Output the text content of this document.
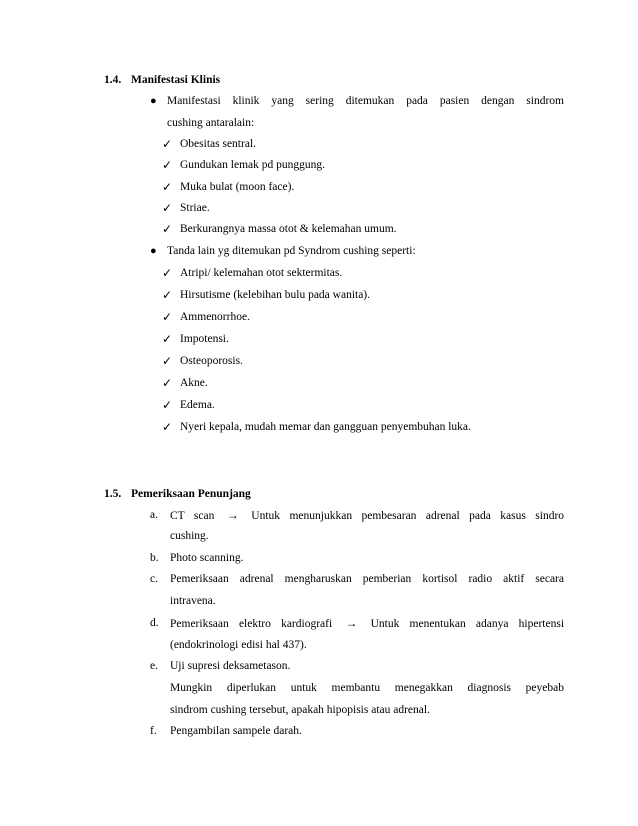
1.4. Manifestasi Klinis
● Manifestasi klinik yang sering ditemukan pada pasien dengan sindrom
cushing antaralain:
✓ Obesitas sentral.
✓ Gundukan lemak pd punggung.
✓ Muka bulat (moon face).
✓ Striae.
✓ Berkurangnya massa otot & kelemahan umum.
● Tanda lain yg ditemukan pd Syndrom cushing seperti:
✓ Atripi/ kelemahan otot sektermitas.
✓ Hirsutisme (kelebihan bulu pada wanita).
✓ Ammenorrhoe.
✓ Impotensi.
✓ Osteoporosis.
✓ Akne.
✓ Edema.
✓ Nyeri kepala, mudah memar dan gangguan penyembuhan luka.
1.5. Pemeriksaan Penunjang
a. CT scan → Untuk menunjukkan pembesaran adrenal pada kasus sindro
cushing.
b. Photo scanning.
c. Pemeriksaan adrenal mengharuskan pemberian kortisol radio aktif secara
intravena.
d. Pemeriksaan elektro kardiografi → Untuk menentukan adanya hipertensi
(endokrinologi edisi hal 437).
e. Uji supresi deksametason.
Mungkin diperlukan untuk membantu menegakkan diagnosis peyebab
sindrom cushing tersebut, apakah hipopisis atau adrenal.
f. Pengambilan sampele darah.
